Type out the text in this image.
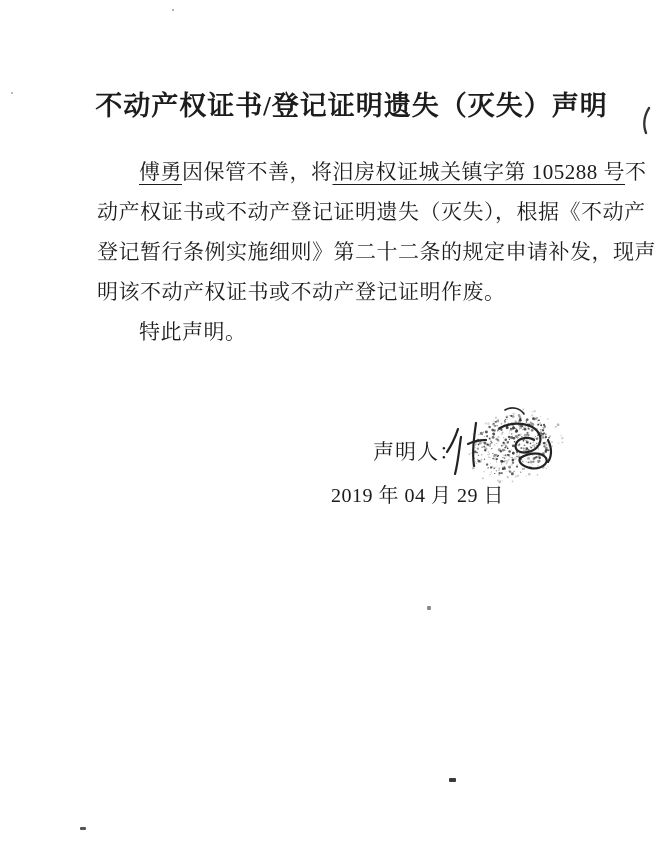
不动产权证书/登记证明遗失（灭失）声明
傅勇因保管不善，将汨房权证城关镇字第 105288 号不
动产权证书或不动产登记证明遗失（灭失），根据《不动产
登记暂行条例实施细则》第二十二条的规定申请补发，现声
明该不动产权证书或不动产登记证明作废。
特此声明。
声明人：
2019 年 04 月 29 日
